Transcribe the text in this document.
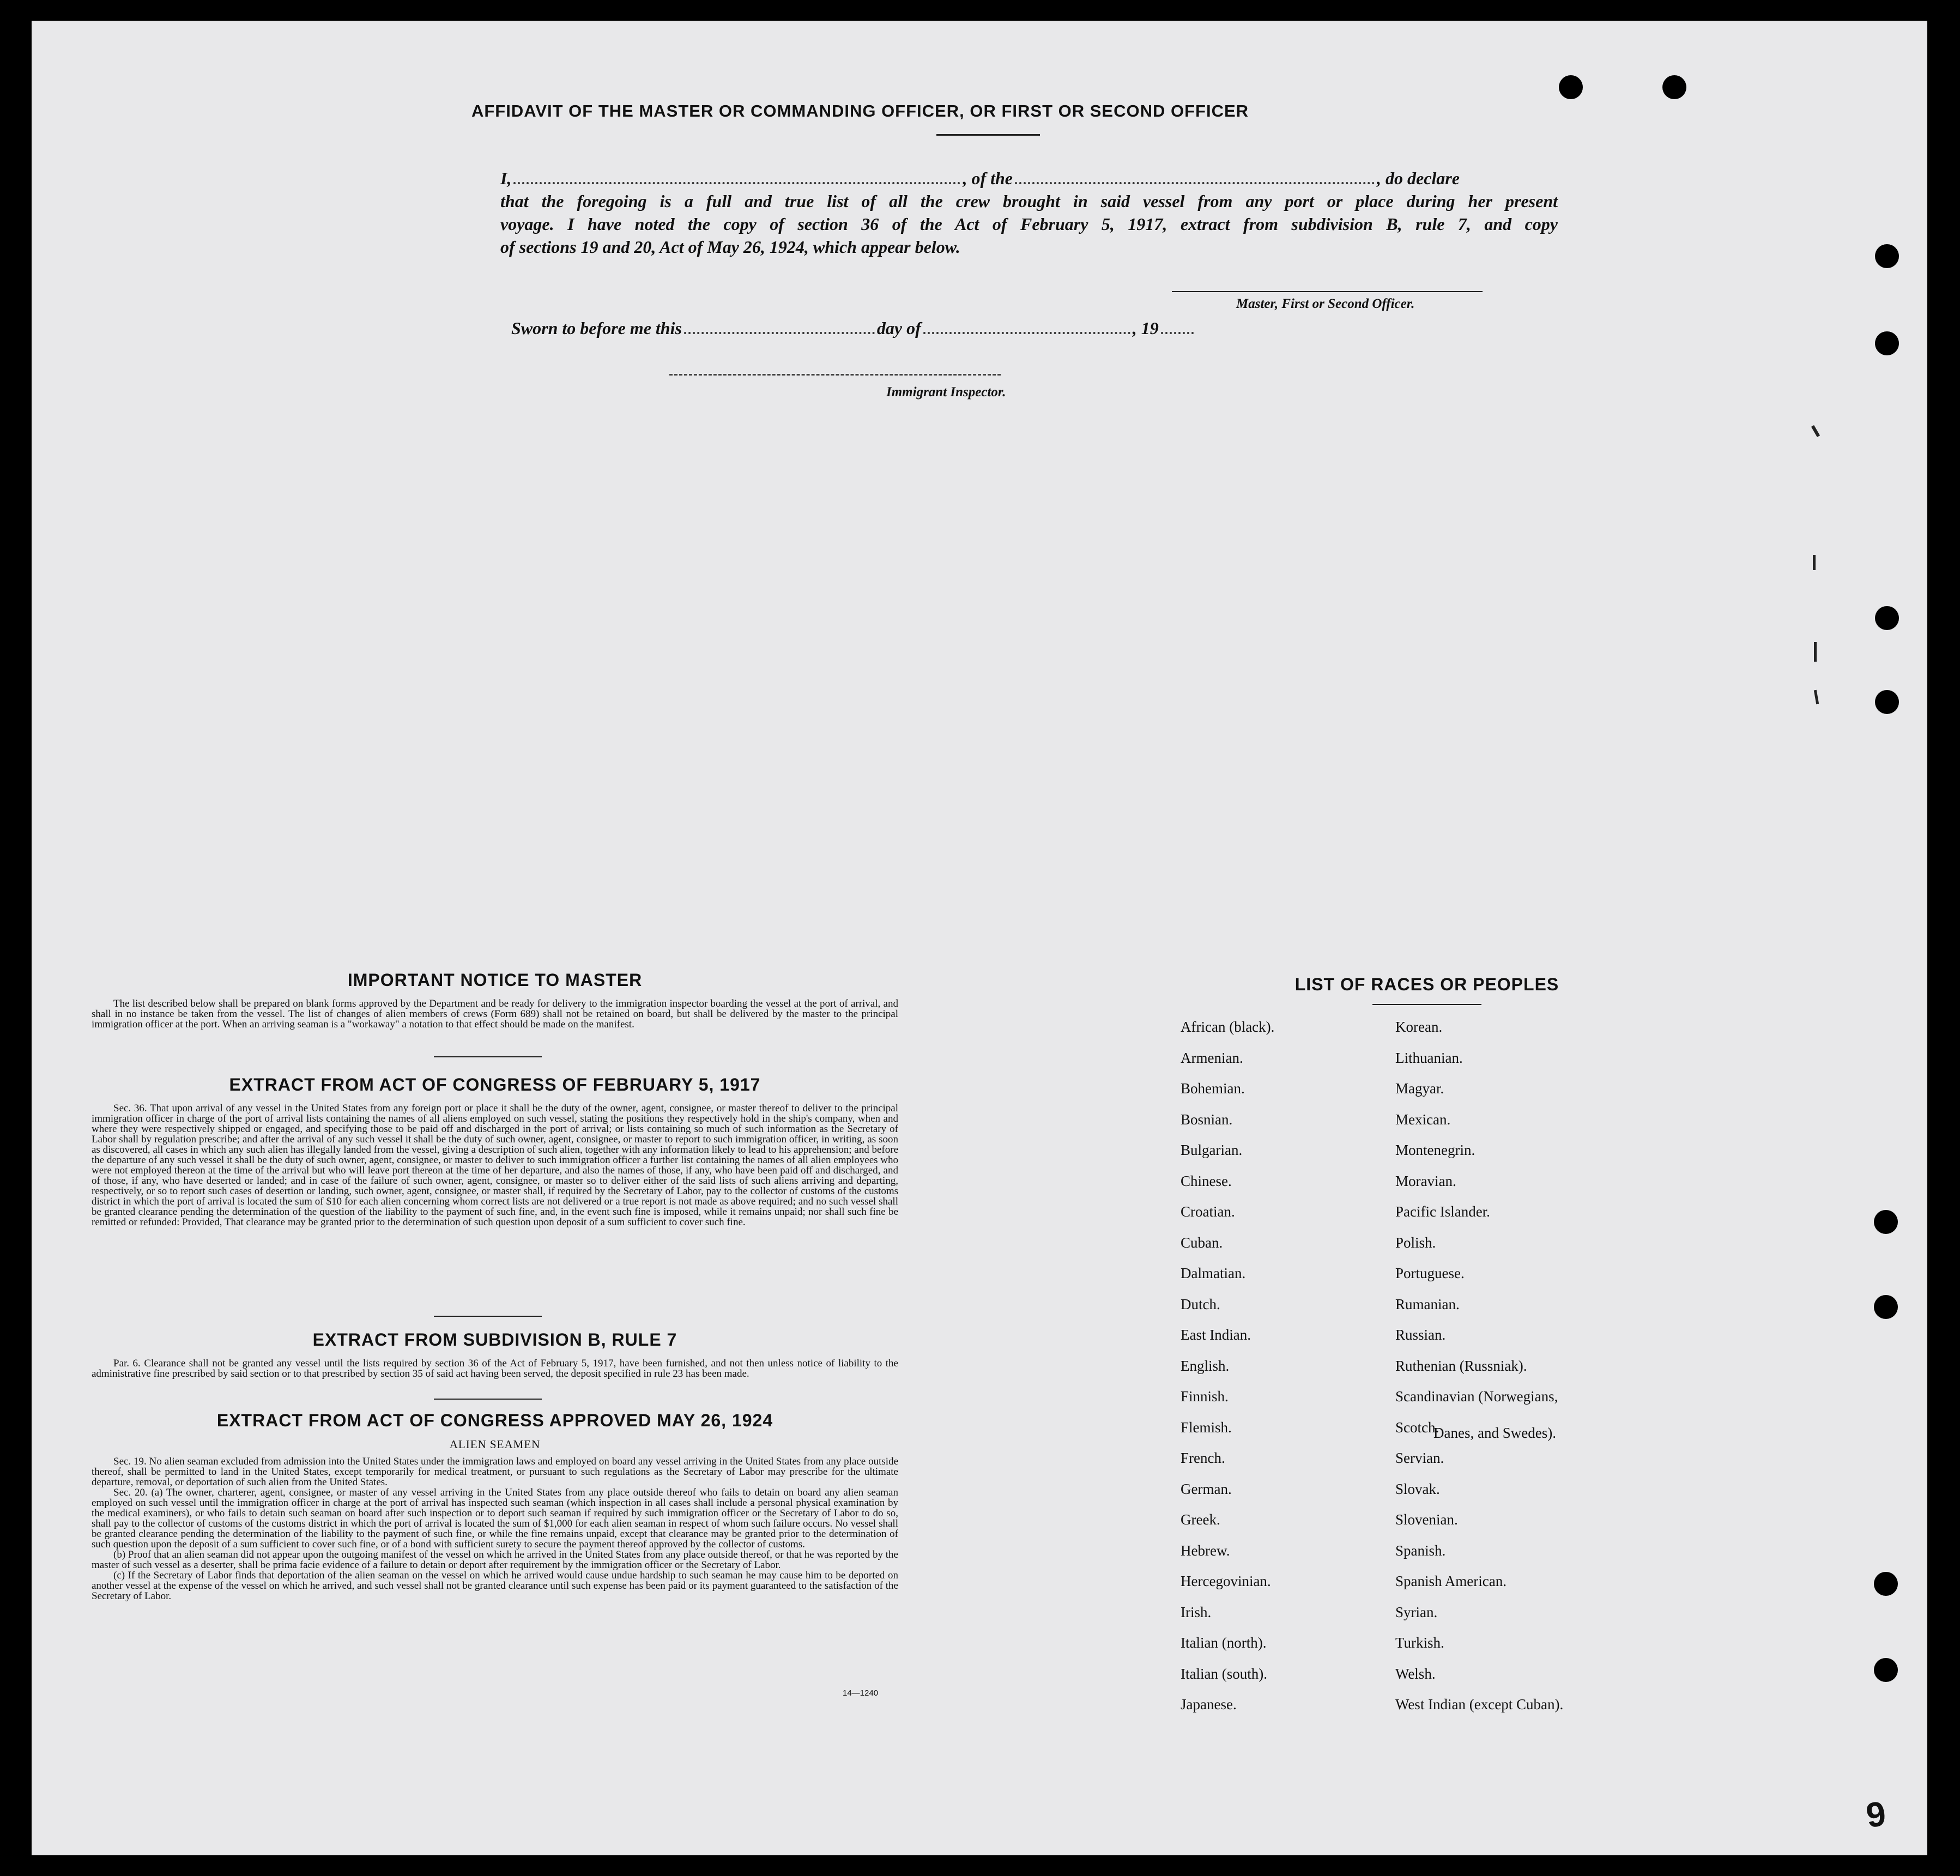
AFFIDAVIT OF THE MASTER OR COMMANDING OFFICER, OR FIRST OR SECOND OFFICER
I,	, of the	, do declare
that the foregoing is a full and true list of all the crew brought in said vessel from any port or place during her present
voyage. I have noted the copy of section 36 of the Act of February 5, 1917, extract from subdivision B, rule 7, and copy
of sections 19 and 20, Act of May 26, 1924, which appear below.
Master, First or Second Officer.
Sworn to before me this	day of	, 19
Immigrant Inspector.
IMPORTANT NOTICE TO MASTER

The list described below shall be prepared on blank forms approved by the Department and be ready for delivery to the immigration inspector boarding the vessel at the port of arrival, and shall in no instance be taken from the vessel. The list of changes of alien members of crews (Form 689) shall not be retained on board, but shall be delivered by the master to the principal immigration officer at the port. When an arriving seaman is a "workaway" a notation to that effect should be made on the manifest.

EXTRACT FROM ACT OF CONGRESS OF FEBRUARY 5, 1917

Sec. 36. That upon arrival of any vessel in the United States from any foreign port or place it shall be the duty of the owner, agent, consignee, or master thereof to deliver to the principal immigration officer in charge of the port of arrival lists containing the names of all aliens employed on such vessel, stating the positions they respectively hold in the ship's company, when and where they were respectively shipped or engaged, and specifying those to be paid off and discharged in the port of arrival; or lists containing so much of such information as the Secretary of Labor shall by regulation prescribe; and after the arrival of any such vessel it shall be the duty of such owner, agent, consignee, or master to report to such immigration officer, in writing, as soon as discovered, all cases in which any such alien has illegally landed from the vessel, giving a description of such alien, together with any information likely to lead to his apprehension; and before the departure of any such vessel it shall be the duty of such owner, agent, consignee, or master to deliver to such immigration officer a further list containing the names of all alien employees who were not employed thereon at the time of the arrival but who will leave port thereon at the time of her departure, and also the names of those, if any, who have been paid off and discharged, and of those, if any, who have deserted or landed; and in case of the failure of such owner, agent, consignee, or master so to deliver either of the said lists of such aliens arriving and departing, respectively, or so to report such cases of desertion or landing, such owner, agent, consignee, or master shall, if required by the Secretary of Labor, pay to the collector of customs of the customs district in which the port of arrival is located the sum of $10 for each alien concerning whom correct lists are not delivered or a true report is not made as above required; and no such vessel shall be granted clearance pending the determination of the question of the liability to the payment of such fine, and, in the event such fine is imposed, while it remains unpaid; nor shall such fine be remitted or refunded: Provided, That clearance may be granted prior to the determination of such question upon deposit of a sum sufficient to cover such fine.

EXTRACT FROM SUBDIVISION B, RULE 7

Par. 6. Clearance shall not be granted any vessel until the lists required by section 36 of the Act of February 5, 1917, have been furnished, and not then unless notice of liability to the administrative fine prescribed by said section or to that prescribed by section 35 of said act having been served, the deposit specified in rule 23 has been made.

EXTRACT FROM ACT OF CONGRESS APPROVED MAY 26, 1924
ALIEN SEAMEN

Sec. 19. No alien seaman excluded from admission into the United States under the immigration laws and employed on board any vessel arriving in the United States from any place outside thereof, shall be permitted to land in the United States, except temporarily for medical treatment, or pursuant to such regulations as the Secretary of Labor may prescribe for the ultimate departure, removal, or deportation of such alien from the United States.

Sec. 20. (a) The owner, charterer, agent, consignee, or master of any vessel arriving in the United States from any place outside thereof who fails to detain on board any alien seaman employed on such vessel until the immigration officer in charge at the port of arrival has inspected such seaman (which inspection in all cases shall include a personal physical examination by the medical examiners), or who fails to detain such seaman on board after such inspection or to deport such seaman if required by such immigration officer or the Secretary of Labor to do so, shall pay to the collector of customs of the customs district in which the port of arrival is located the sum of $1,000 for each alien seaman in respect of whom such failure occurs. No vessel shall be granted clearance pending the determination of the liability to the payment of such fine, or while the fine remains unpaid, except that clearance may be granted prior to the determination of such question upon the deposit of a sum sufficient to cover such fine, or of a bond with sufficient surety to secure the payment thereof approved by the collector of customs.

(b) Proof that an alien seaman did not appear upon the outgoing manifest of the vessel on which he arrived in the United States from any place outside thereof, or that he was reported by the master of such vessel as a deserter, shall be prima facie evidence of a failure to detain or deport after requirement by the immigration officer or the Secretary of Labor.

(c) If the Secretary of Labor finds that deportation of the alien seaman on the vessel on which he arrived would cause undue hardship to such seaman he may cause him to be deported on another vessel at the expense of the vessel on which he arrived, and such vessel shall not be granted clearance until such expense has been paid or its payment guaranteed to the satisfaction of the Secretary of Labor.

14—1240
LIST OF RACES OR PEOPLES
African (black).
Armenian.
Bohemian.
Bosnian.
Bulgarian.
Chinese.
Croatian.
Cuban.
Dalmatian.
Dutch.
East Indian.
English.
Finnish.
Flemish.
French.
German.
Greek.
Hebrew.
Hercegovinian.
Irish.
Italian (north).
Italian (south).
Japanese.
Korean.
Lithuanian.
Magyar.
Mexican.
Montenegrin.
Moravian.
Pacific Islander.
Polish.
Portuguese.
Rumanian.
Russian.
Ruthenian (Russniak).
Scandinavian (Norwegians,
Scotch.
Servian.
Slovak.
Slovenian.
Spanish.
Spanish American.
Syrian.
Turkish.
Welsh.
West Indian (except Cuban).
Danes, and Swedes).
9
